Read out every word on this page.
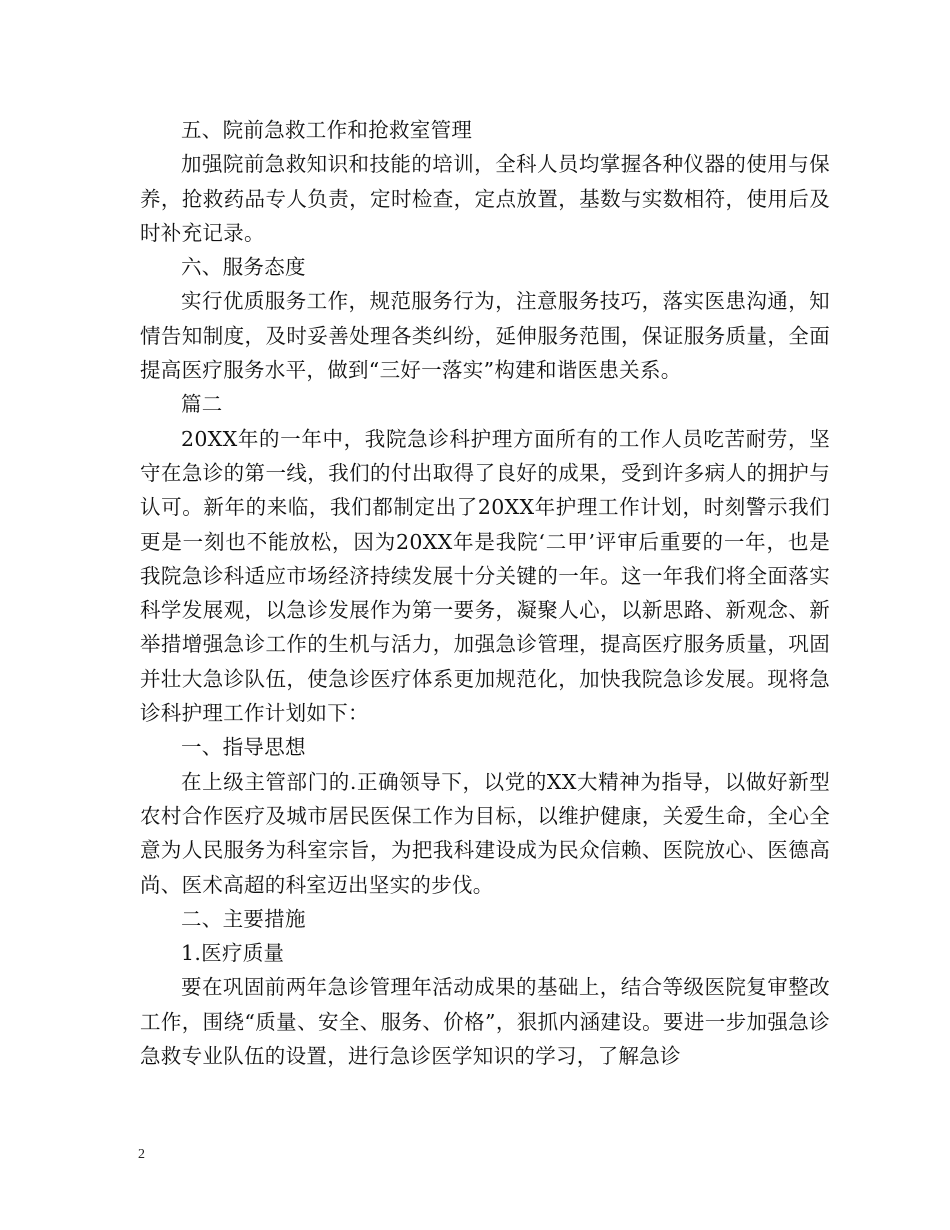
五、院前急救工作和抢救室管理

加强院前急救知识和技能的培训，全科人员均掌握各种仪器的使用与保养，抢救药品专人负责，定时检查，定点放置，基数与实数相符，使用后及时补充记录。

六、服务态度

实行优质服务工作，规范服务行为，注意服务技巧，落实医患沟通，知情告知制度，及时妥善处理各类纠纷，延伸服务范围，保证服务质量，全面提高医疗服务水平，做到“三好一落实”构建和谐医患关系。

篇二

20XX年的一年中，我院急诊科护理方面所有的工作人员吃苦耐劳，坚守在急诊的第一线，我们的付出取得了良好的成果，受到许多病人的拥护与认可。新年的来临，我们都制定出了20XX年护理工作计划，时刻警示我们更是一刻也不能放松，因为20XX年是我院‘二甲’评审后重要的一年，也是我院急诊科适应市场经济持续发展十分关键的一年。这一年我们将全面落实科学发展观，以急诊发展作为第一要务，凝聚人心，以新思路、新观念、新举措增强急诊工作的生机与活力，加强急诊管理，提高医疗服务质量，巩固并壮大急诊队伍，使急诊医疗体系更加规范化，加快我院急诊发展。现将急诊科护理工作计划如下：

一、指导思想

在上级主管部门的.正确领导下，以党的XX大精神为指导，以做好新型农村合作医疗及城市居民医保工作为目标，以维护健康，关爱生命，全心全意为人民服务为科室宗旨，为把我科建设成为民众信赖、医院放心、医德高尚、医术高超的科室迈出坚实的步伐。

二、主要措施

1.医疗质量

要在巩固前两年急诊管理年活动成果的基础上，结合等级医院复审整改工作，围绕“质量、安全、服务、价格”，狠抓内涵建设。要进一步加强急诊急救专业队伍的设置，进行急诊医学知识的学习，了解急诊

2
